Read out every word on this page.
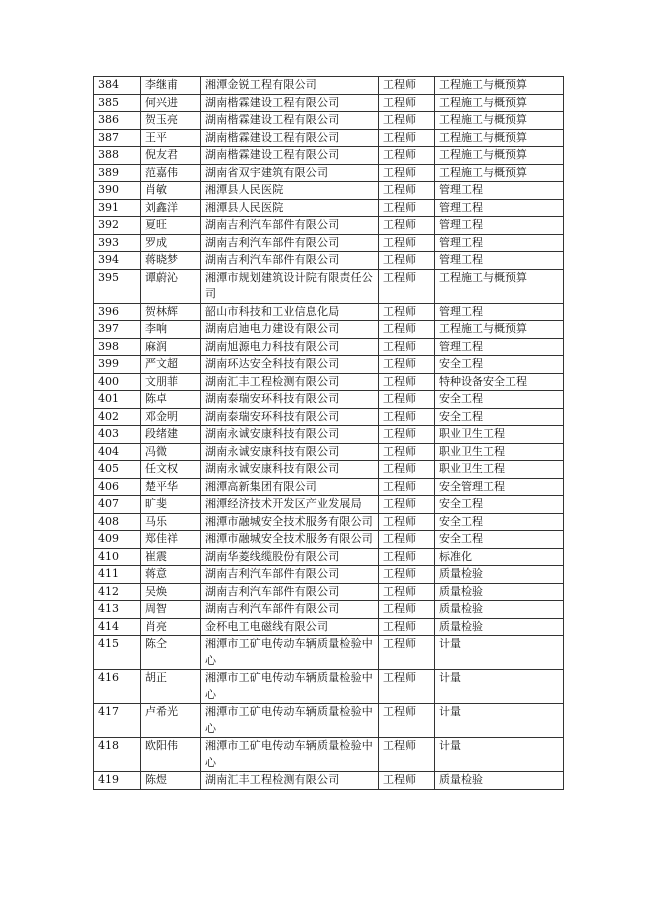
384	李继甫	湘潭金锐工程有限公司	工程师	工程施工与概预算
385	何兴进	湖南楷霖建设工程有限公司	工程师	工程施工与概预算
386	贺玉亮	湖南楷霖建设工程有限公司	工程师	工程施工与概预算
387	王平	湖南楷霖建设工程有限公司	工程师	工程施工与概预算
388	倪友君	湖南楷霖建设工程有限公司	工程师	工程施工与概预算
389	范嘉伟	湖南省双宇建筑有限公司	工程师	工程施工与概预算
390	肖敏	湘潭县人民医院	工程师	管理工程
391	刘鑫洋	湘潭县人民医院	工程师	管理工程
392	夏旺	湖南吉利汽车部件有限公司	工程师	管理工程
393	罗成	湖南吉利汽车部件有限公司	工程师	管理工程
394	蒋晓梦	湖南吉利汽车部件有限公司	工程师	管理工程
395	谭蔚沁	湘潭市规划建筑设计院有限责任公司	工程师	工程施工与概预算
396	贺林辉	韶山市科技和工业信息化局	工程师	管理工程
397	李响	湖南启迪电力建设有限公司	工程师	工程施工与概预算
398	麻润	湖南旭源电力科技有限公司	工程师	管理工程
399	严文超	湖南环达安全科技有限公司	工程师	安全工程
400	文朋菲	湖南汇丰工程检测有限公司	工程师	特种设备安全工程
401	陈卓	湖南泰瑞安环科技有限公司	工程师	安全工程
402	邓金明	湖南泰瑞安环科技有限公司	工程师	安全工程
403	段绪建	湖南永诚安康科技有限公司	工程师	职业卫生工程
404	冯微	湖南永诚安康科技有限公司	工程师	职业卫生工程
405	任文权	湖南永诚安康科技有限公司	工程师	职业卫生工程
406	楚平华	湘潭高新集团有限公司	工程师	安全管理工程
407	旷斐	湘潭经济技术开发区产业发展局	工程师	安全工程
408	马乐	湘潭市融城安全技术服务有限公司	工程师	安全工程
409	郑佳祥	湘潭市融城安全技术服务有限公司	工程师	安全工程
410	崔震	湖南华菱线缆股份有限公司	工程师	标准化
411	蒋意	湖南吉利汽车部件有限公司	工程师	质量检验
412	吴焕	湖南吉利汽车部件有限公司	工程师	质量检验
413	周智	湖南吉利汽车部件有限公司	工程师	质量检验
414	肖亮	金杯电工电磁线有限公司	工程师	质量检验
415	陈仝	湘潭市工矿电传动车辆质量检验中心	工程师	计量
416	胡正	湘潭市工矿电传动车辆质量检验中心	工程师	计量
417	卢希光	湘潭市工矿电传动车辆质量检验中心	工程师	计量
418	欧阳伟	湘潭市工矿电传动车辆质量检验中心	工程师	计量
419	陈煜	湖南汇丰工程检测有限公司	工程师	质量检验
